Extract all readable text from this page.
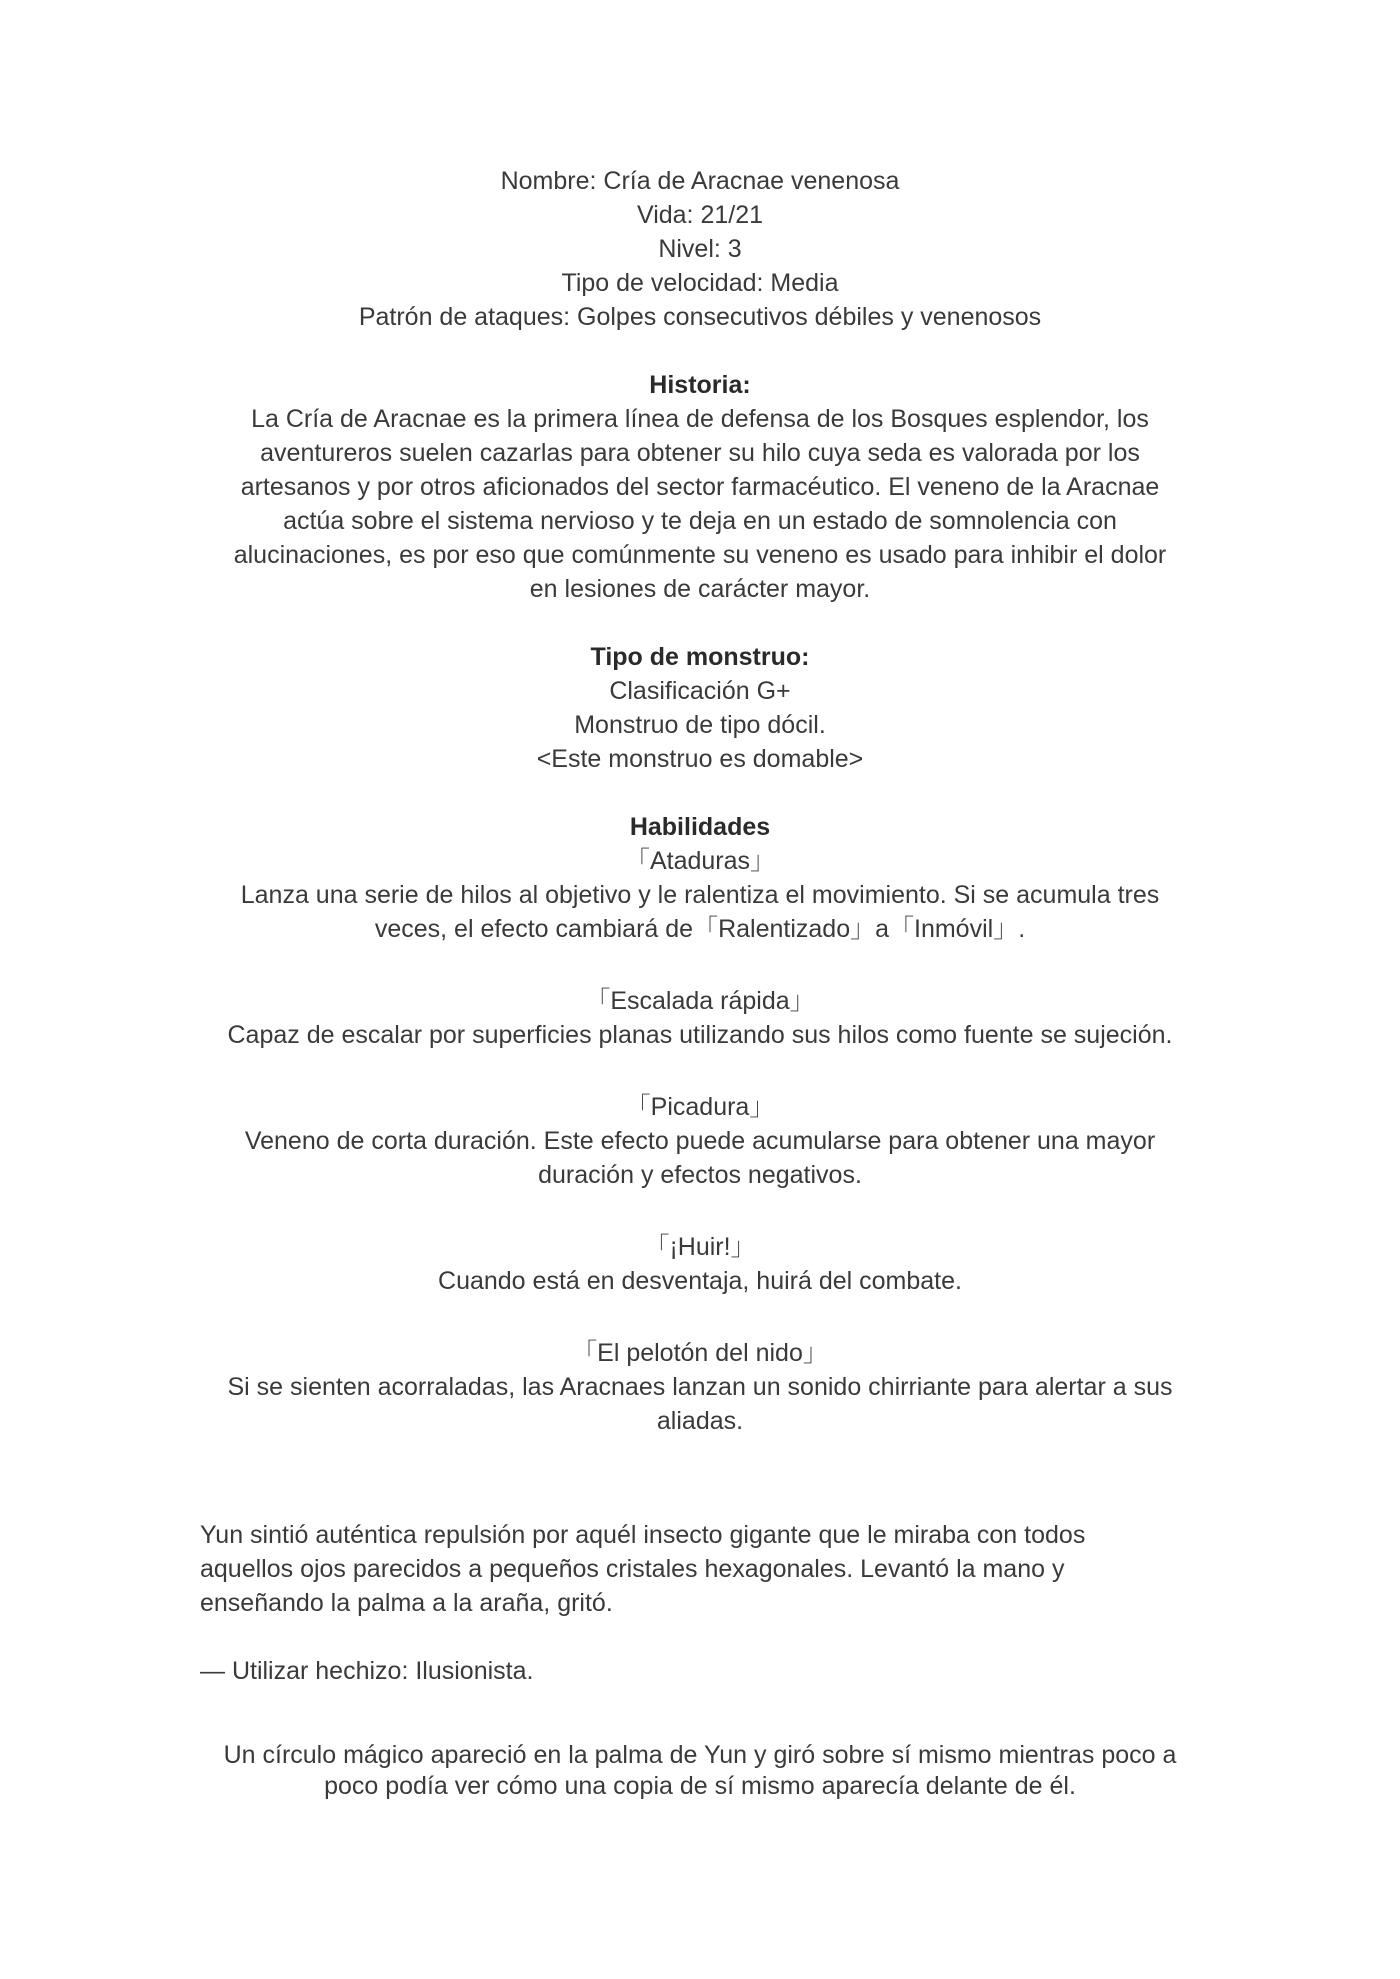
Nombre: Cría de Aracnae venenosa
Vida: 21/21
Nivel: 3
Tipo de velocidad: Media
Patrón de ataques: Golpes consecutivos débiles y venenosos
Historia:
La Cría de Aracnae es la primera línea de defensa de los Bosques esplendor, los
aventureros suelen cazarlas para obtener su hilo cuya seda es valorada por los
artesanos y por otros aficionados del sector farmacéutico. El veneno de la Aracnae
actúa sobre el sistema nervioso y te deja en un estado de somnolencia con
alucinaciones, es por eso que comúnmente su veneno es usado para inhibir el dolor
en lesiones de carácter mayor.
Tipo de monstruo:
Clasificación G+
Monstruo de tipo dócil.
<Este monstruo es domable>
Habilidades
「Ataduras」
Lanza una serie de hilos al objetivo y le ralentiza el movimiento. Si se acumula tres
veces, el efecto cambiará de「Ralentizado」a「Inmóvil」.
「Escalada rápida」
Capaz de escalar por superficies planas utilizando sus hilos como fuente se sujeción.
「Picadura」
Veneno de corta duración. Este efecto puede acumularse para obtener una mayor
duración y efectos negativos.
「¡Huir!」
Cuando está en desventaja, huirá del combate.
「El pelotón del nido」
Si se sienten acorraladas, las Aracnaes lanzan un sonido chirriante para alertar a sus
aliadas.
Yun sintió auténtica repulsión por aquél insecto gigante que le miraba con todos
aquellos ojos parecidos a pequeños cristales hexagonales. Levantó la mano y
enseñando la palma a la araña, gritó.
— Utilizar hechizo: Ilusionista.
Un círculo mágico apareció en la palma de Yun y giró sobre sí mismo mientras poco a
poco podía ver cómo una copia de sí mismo aparecía delante de él.
